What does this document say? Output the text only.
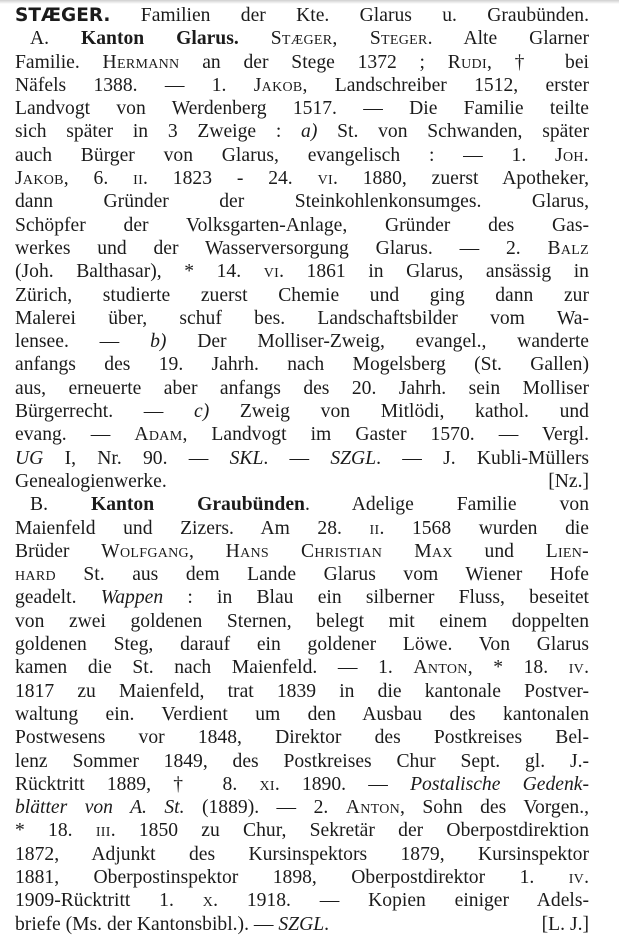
STÆGER. Familien der Kte. Glarus u. Graubünden.
A. Kanton Glarus. Stæger, Steger. Alte Glarner
Familie. Hermann an der Stege 1372 ; Rudi, † bei
Näfels 1388. — 1. Jakob, Landschreiber 1512, erster
Landvogt von Werdenberg 1517. — Die Familie teilte
sich später in 3 Zweige : a) St. von Schwanden, später
auch Bürger von Glarus, evangelisch : — 1. Joh.
Jakob, 6. ii. 1823 - 24. vi. 1880, zuerst Apotheker,
dann Gründer der Steinkohlenkonsumges. Glarus,
Schöpfer der Volksgarten-Anlage, Gründer des Gas-
werkes und der Wasserversorgung Glarus. — 2. Balz
(Joh. Balthasar), * 14. vi. 1861 in Glarus, ansässig in
Zürich, studierte zuerst Chemie und ging dann zur
Malerei über, schuf bes. Landschaftsbilder vom Wa-
lensee. — b) Der Molliser-Zweig, evangel., wanderte
anfangs des 19. Jahrh. nach Mogelsberg (St. Gallen)
aus, erneuerte aber anfangs des 20. Jahrh. sein Molliser
Bürgerrecht. — c) Zweig von Mitlödi, kathol. und
evang. — Adam, Landvogt im Gaster 1570. — Vergl.
UG I, Nr. 90. — SKL. — SZGL. — J. Kubli-Müllers
Genealogienwerke.	[Nz.]
B. Kanton Graubünden. Adelige Familie von
Maienfeld und Zizers. Am 28. ii. 1568 wurden die
Brüder Wolfgang, Hans Christian Max und Lien-
hard St. aus dem Lande Glarus vom Wiener Hofe
geadelt. Wappen : in Blau ein silberner Fluss, beseitet
von zwei goldenen Sternen, belegt mit einem doppelten
goldenen Steg, darauf ein goldener Löwe. Von Glarus
kamen die St. nach Maienfeld. — 1. Anton, * 18. iv.
1817 zu Maienfeld, trat 1839 in die kantonale Postver-
waltung ein. Verdient um den Ausbau des kantonalen
Postwesens vor 1848, Direktor des Postkreises Bel-
lenz Sommer 1849, des Postkreises Chur Sept. gl. J.-
Rücktritt 1889, † 8. xi. 1890. — Postalische Gedenk-
blätter von A. St. (1889). — 2. Anton, Sohn des Vorgen.,
* 18. iii. 1850 zu Chur, Sekretär der Oberpostdirektion
1872, Adjunkt des Kursinspektors 1879, Kursinspektor
1881, Oberpostinspektor 1898, Oberpostdirektor 1. iv.
1909-Rücktritt 1. x. 1918. — Kopien einiger Adels-
briefe (Ms. der Kantonsbibl.). — SZGL.	[L. J.]
